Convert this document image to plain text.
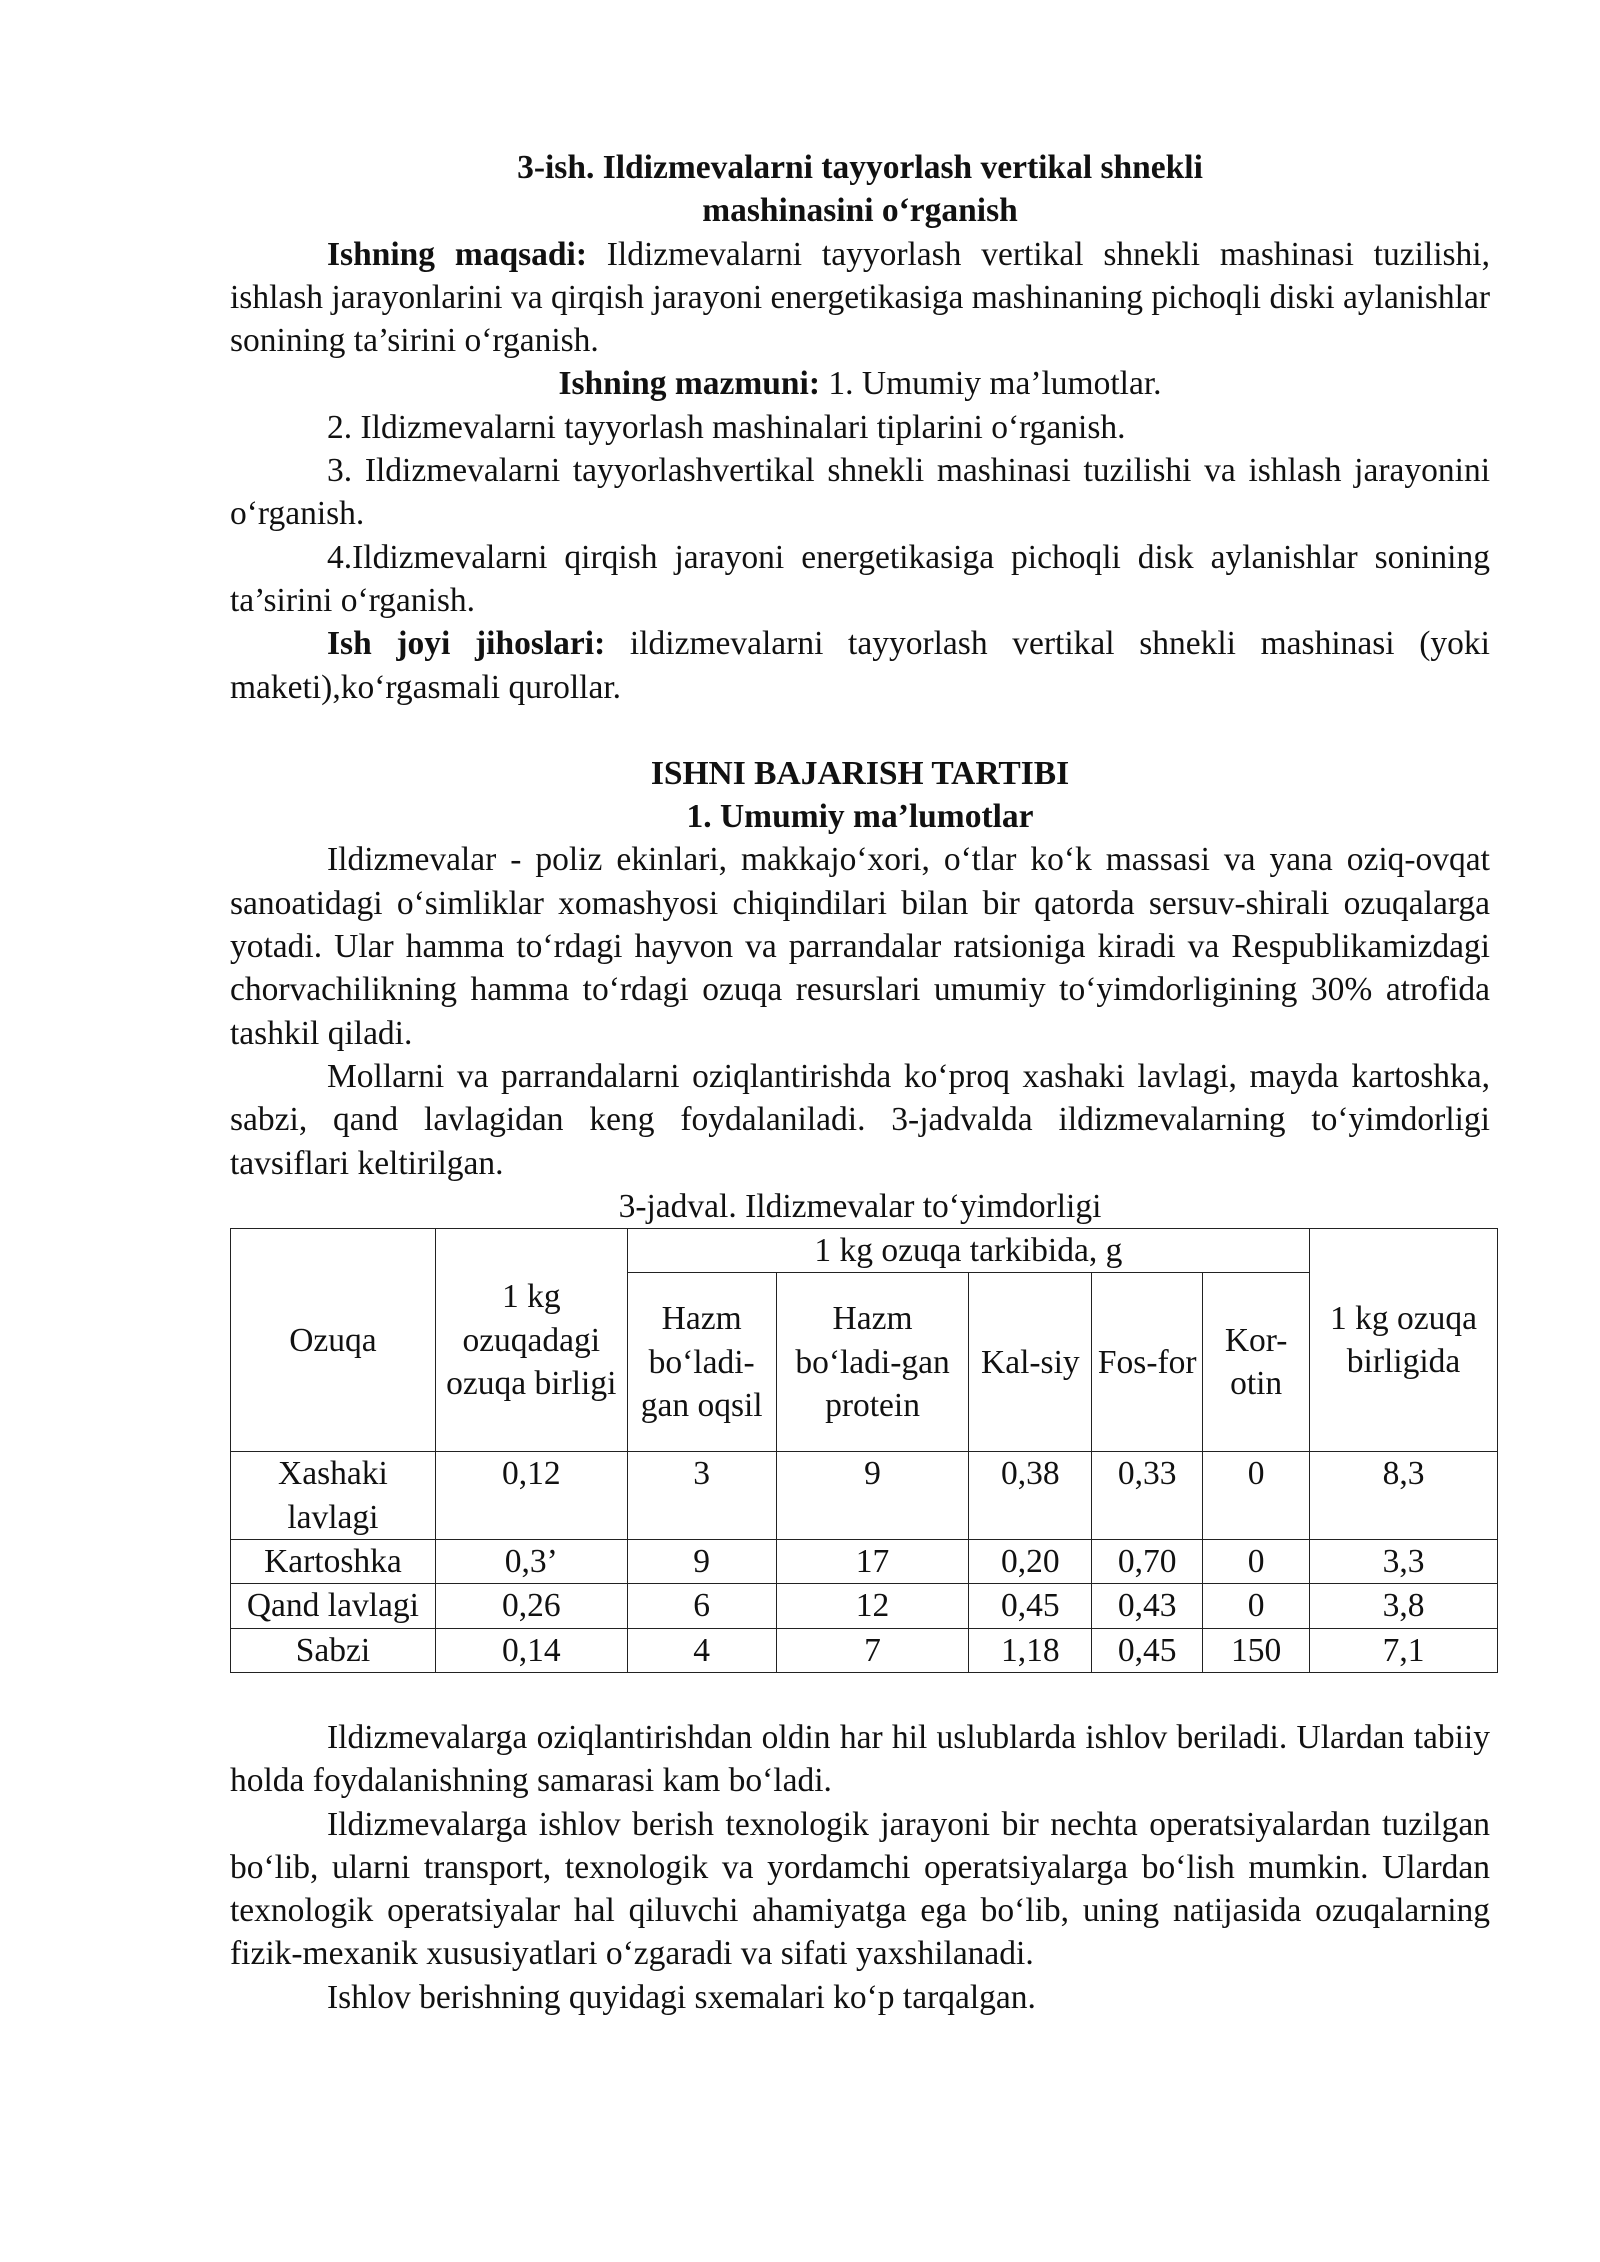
3-ish. Ildizmevalarni tayyorlash vertikal shnekli
mashinasini o‘rganish

Ishning maqsadi: Ildizmevalarni tayyorlash vertikal shnekli mashinasi tuzilishi, ishlash jarayonlarini va qirqish jarayoni energetikasiga mashinaning pichoqli diski aylanishlar sonining ta’sirini o‘rganish.

Ishning mazmuni: 1. Umumiy ma’lumotlar.

2. Ildizmevalarni tayyorlash mashinalari tiplarini o‘rganish.

3. Ildizmevalarni tayyorlashvertikal shnekli mashinasi tuzilishi va ishlash jarayonini o‘rganish.

4.Ildizmevalarni qirqish jarayoni energetikasiga pichoqli disk aylanishlar sonining ta’sirini o‘rganish.

Ish joyi jihoslari: ildizmevalarni tayyorlash vertikal shnekli mashinasi (yoki maketi),ko‘rgasmali qurollar.

ISHNI BAJARISH TARTIBI

1. Umumiy ma’lumotlar

Ildizmevalar - poliz ekinlari, makkajo‘xori, o‘tlar ko‘k massasi va yana oziq-ovqat sanoatidagi o‘simliklar xomashyosi chiqindilari bilan bir qatorda sersuv-shirali ozuqalarga yotadi. Ular hamma to‘rdagi hayvon va parrandalar ratsioniga kiradi va Respublikamizdagi chorvachilikning hamma to‘rdagi ozuqa resurslari umumiy to‘yimdorligining 30% atrofida tashkil qiladi.

Mollarni va parrandalarni oziqlantirishda ko‘proq xashaki lavlagi, mayda kartoshka, sabzi, qand lavlagidan keng foydalaniladi. 3-jadvalda ildizmevalarning to‘yimdorligi tavsiflari keltirilgan.

3-jadval. Ildizmevalar to‘yimdorligi

Ozuqa	1 kg ozuqadagi ozuqa birligi	1 kg ozuqa tarkibida, g					1 kg ozuqa birligida
		Hazm bo‘ladi-gan oqsil	Hazm bo‘ladi-gan protein	Kal-siy	Fos-for	Kor-otin	
Xashaki lavlagi	0,12	3	9	0,38	0,33	0	8,3
Kartoshka	0,3’	9	17	0,20	0,70	0	3,3
Qand lavlagi	0,26	6	12	0,45	0,43	0	3,8
Sabzi	0,14	4	7	1,18	0,45	150	7,1

Ildizmevalarga oziqlantirishdan oldin har hil uslublarda ishlov beriladi. Ulardan tabiiy holda foydalanishning samarasi kam bo‘ladi.

Ildizmevalarga ishlov berish texnologik jarayoni bir nechta operatsiyalardan tuzilgan bo‘lib, ularni transport, texnologik va yordamchi operatsiyalarga bo‘lish mumkin. Ulardan texnologik operatsiyalar hal qiluvchi ahamiyatga ega bo‘lib, uning natijasida ozuqalarning fizik-mexanik xususiyatlari o‘zgaradi va sifati yaxshilanadi.

Ishlov berishning quyidagi sxemalari ko‘p tarqalgan.
